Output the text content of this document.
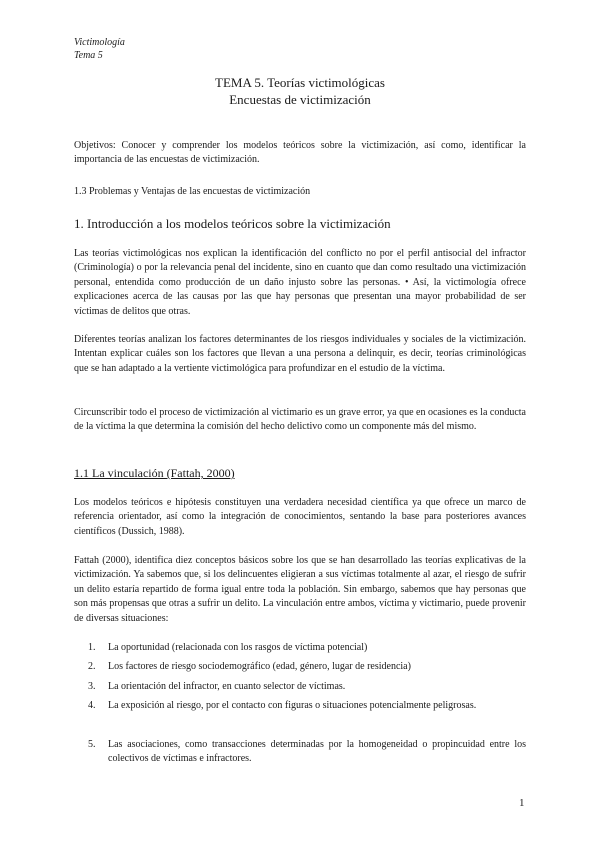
Victimología
Tema 5
TEMA 5. Teorías victimológicas
Encuestas de victimización

Objetivos: Conocer y comprender los modelos teóricos sobre la victimización, así como, identificar la importancia de las encuestas de victimización.

1.3 Problemas y Ventajas de las encuestas de victimización
1. Introducción a los modelos teóricos sobre la victimización

Las teorías victimológicas nos explican la identificación del conflicto no por el perfil antisocial del infractor (Criminología) o por la relevancia penal del incidente, sino en cuanto que dan como resultado una victimización personal, entendida como producción de un daño injusto sobre las personas. • Así, la victimología ofrece explicaciones acerca de las causas por las que hay personas que presentan una mayor probabilidad de ser víctimas de delitos que otras.

Diferentes teorías analizan los factores determinantes de los riesgos individuales y sociales de la victimización. Intentan explicar cuáles son los factores que llevan a una persona a delinquir, es decir, teorías criminológicas que se han adaptado a la vertiente victimológica para profundizar en el estudio de la víctima.

Circunscribir todo el proceso de victimización al victimario es un grave error, ya que en ocasiones es la conducta de la víctima la que determina la comisión del hecho delictivo como un componente más del mismo.

1.1 La vinculación (Fattah, 2000)

Los modelos teóricos e hipótesis constituyen una verdadera necesidad científica ya que ofrece un marco de referencia orientador, así como la integración de conocimientos, sentando la base para posteriores avances científicos (Dussich, 1988).

Fattah (2000), identifica diez conceptos básicos sobre los que se han desarrollado las teorías explicativas de la victimización. Ya sabemos que, si los delincuentes eligieran a sus víctimas totalmente al azar, el riesgo de sufrir un delito estaría repartido de forma igual entre toda la población. Sin embargo, sabemos que hay personas que son más propensas que otras a sufrir un delito. La vinculación entre ambos, víctima y victimario, puede provenir de diversas situaciones:

1. La oportunidad (relacionada con los rasgos de víctima potencial)
2. Los factores de riesgo sociodemográfico (edad, género, lugar de residencia)
3. La orientación del infractor, en cuanto selector de víctimas.
4. La exposición al riesgo, por el contacto con figuras o situaciones potencialmente peligrosas.
5.	Las asociaciones, como transacciones determinadas por la homogeneidad o propincuidad entre los colectivos de víctimas e infractores.
1
